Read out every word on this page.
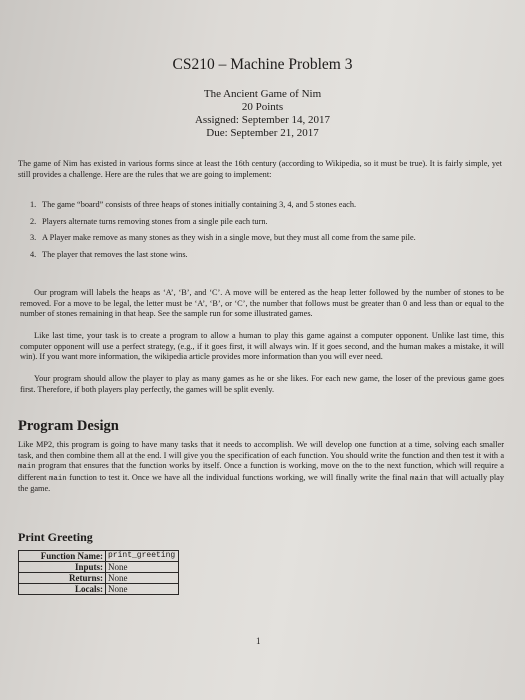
CS210 – Machine Problem 3
The Ancient Game of Nim
20 Points
Assigned: September 14, 2017
Due: September 21, 2017
The game of Nim has existed in various forms since at least the 16th century (according to Wikipedia, so it must be true). It is fairly simple, yet still provides a challenge. Here are the rules that we are going to implement:
1. The game “board” consists of three heaps of stones initially containing 3, 4, and 5 stones each.
2. Players alternate turns removing stones from a single pile each turn.
3. A Player make remove as many stones as they wish in a single move, but they must all come from the same pile.
4. The player that removes the last stone wins.
Our program will labels the heaps as ‘A’, ‘B’, and ‘C’. A move will be entered as the heap letter followed by the number of stones to be removed. For a move to be legal, the letter must be ‘A’, ‘B’, or ‘C’, the number that follows must be greater than 0 and less than or equal to the number of stones remaining in that heap. See the sample run for some illustrated games.
Like last time, your task is to create a program to allow a human to play this game against a computer opponent. Unlike last time, this computer opponent will use a perfect strategy, (e.g., if it goes first, it will always win. If it goes second, and the human makes a mistake, it will win). If you want more information, the wikipedia article provides more information than you will ever need.
Your program should allow the player to play as many games as he or she likes. For each new game, the loser of the previous game goes first. Therefore, if both players play perfectly, the games will be split evenly.
Program Design
Like MP2, this program is going to have many tasks that it needs to accomplish. We will develop one function at a time, solving each smaller task, and then combine them all at the end. I will give you the specification of each function. You should write the function and then test it with a main program that ensures that the function works by itself. Once a function is working, move on the to the next function, which will require a different main function to test it. Once we have all the individual functions working, we will finally write the final main that will actually play the game.
Print Greeting
Function Name:	print_greeting
Inputs:	None
Returns:	None
Locals:	None
1
